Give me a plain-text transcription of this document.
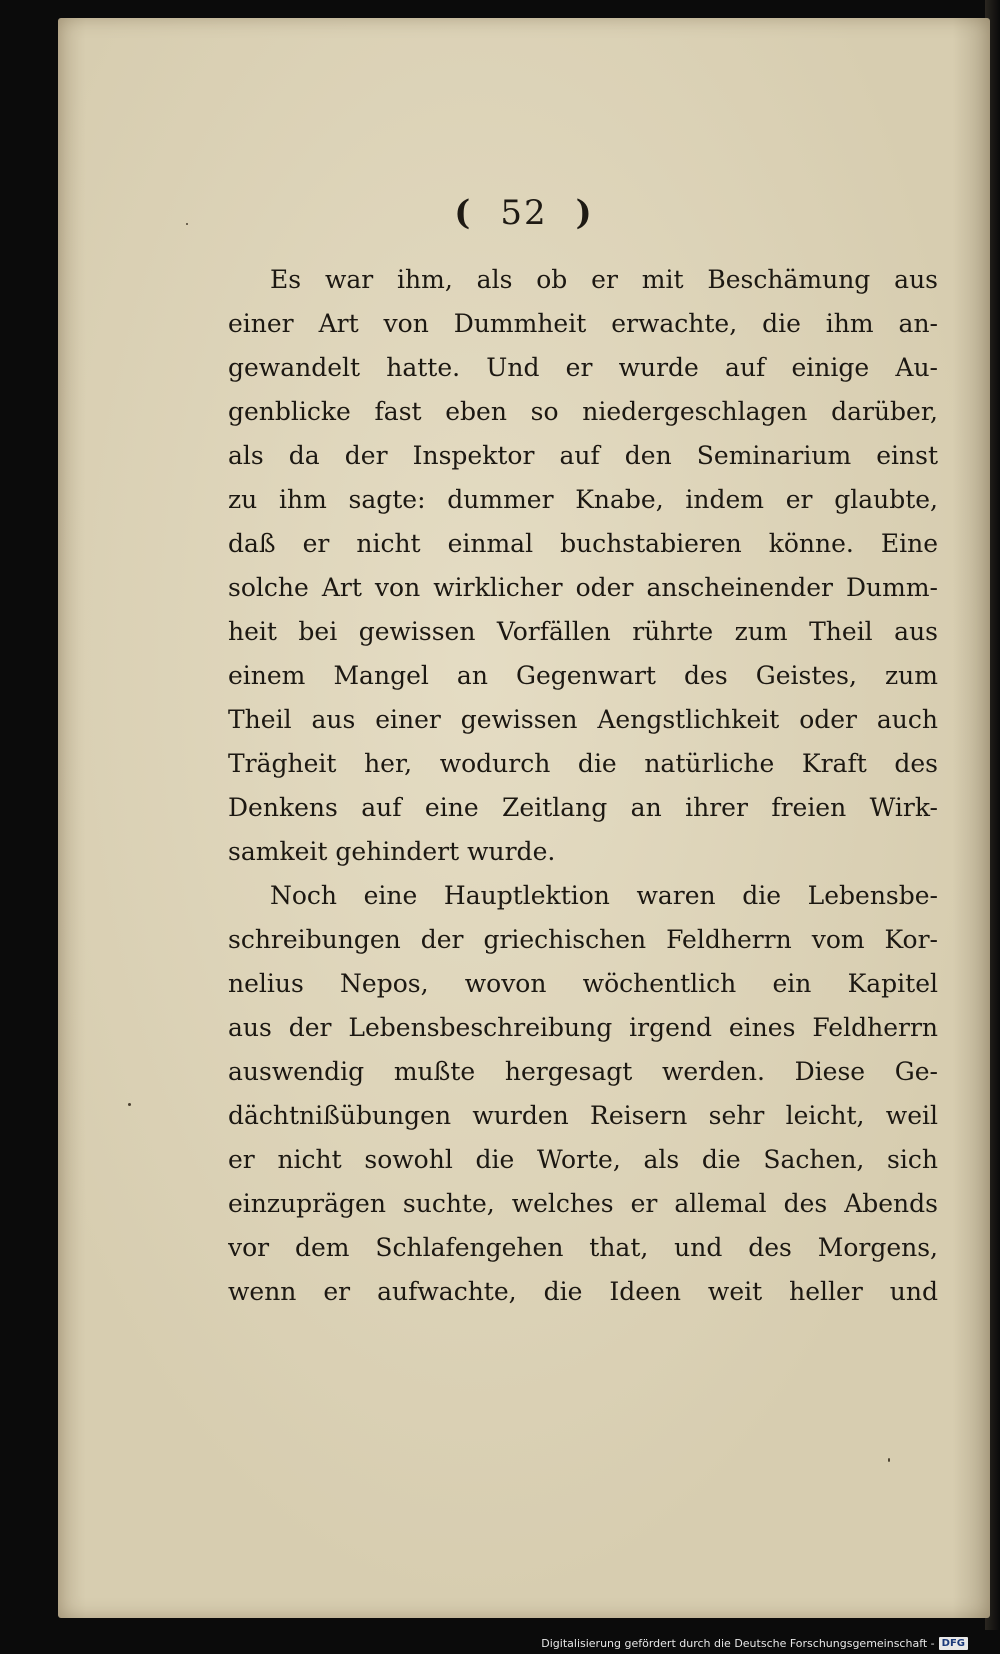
( 52 )
Es war ihm, als ob er mit Beschämung aus
einer Art von Dummheit erwachte, die ihm an-
gewandelt hatte. Und er wurde auf einige Au-
genblicke fast eben so niedergeschlagen darüber,
als da der Inspektor auf den Seminarium einst
zu ihm sagte: dummer Knabe, indem er glaubte,
daß er nicht einmal buchstabieren könne. Eine
solche Art von wirklicher oder anscheinender Dumm-
heit bei gewissen Vorfällen rührte zum Theil aus
einem Mangel an Gegenwart des Geistes, zum
Theil aus einer gewissen Aengstlichkeit oder auch
Trägheit her, wodurch die natürliche Kraft des
Denkens auf eine Zeitlang an ihrer freien Wirk-
samkeit gehindert wurde.
Noch eine Hauptlektion waren die Lebensbe-
schreibungen der griechischen Feldherrn vom Kor-
nelius Nepos, wovon wöchentlich ein Kapitel
aus der Lebensbeschreibung irgend eines Feldherrn
auswendig mußte hergesagt werden. Diese Ge-
dächtnißübungen wurden Reisern sehr leicht, weil
er nicht sowohl die Worte, als die Sachen, sich
einzuprägen suchte, welches er allemal des Abends
vor dem Schlafengehen that, und des Morgens,
wenn er aufwachte, die Ideen weit heller und
Digitalisierung gefördert durch die Deutsche Forschungsgemeinschaft - DFG
